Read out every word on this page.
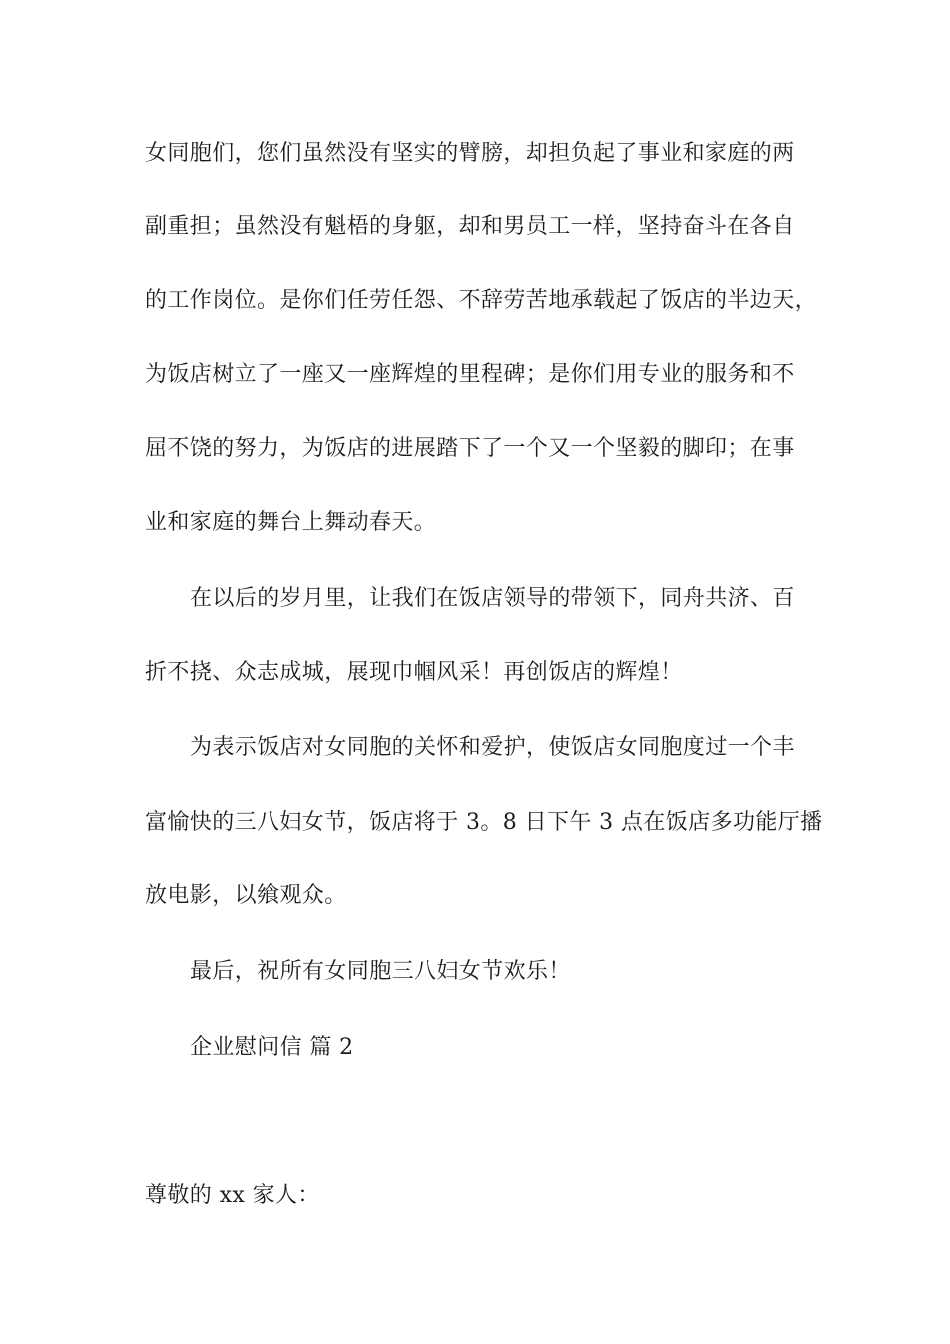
女同胞们，您们虽然没有坚实的臂膀，却担负起了事业和家庭的两
副重担；虽然没有魁梧的身躯，却和男员工一样，坚持奋斗在各自
的工作岗位。是你们任劳任怨、不辞劳苦地承载起了饭店的半边天，
为饭店树立了一座又一座辉煌的里程碑；是你们用专业的服务和不
屈不饶的努力，为饭店的进展踏下了一个又一个坚毅的脚印；在事
业和家庭的舞台上舞动春天。
在以后的岁月里，让我们在饭店领导的带领下，同舟共济、百
折不挠、众志成城，展现巾帼风采！再创饭店的辉煌！
为表示饭店对女同胞的关怀和爱护，使饭店女同胞度过一个丰
富愉快的三八妇女节，饭店将于 3。8 日下午 3 点在饭店多功能厅播
放电影，以飨观众。
最后，祝所有女同胞三八妇女节欢乐！
企业慰问信 篇 2
尊敬的 xx 家人：
